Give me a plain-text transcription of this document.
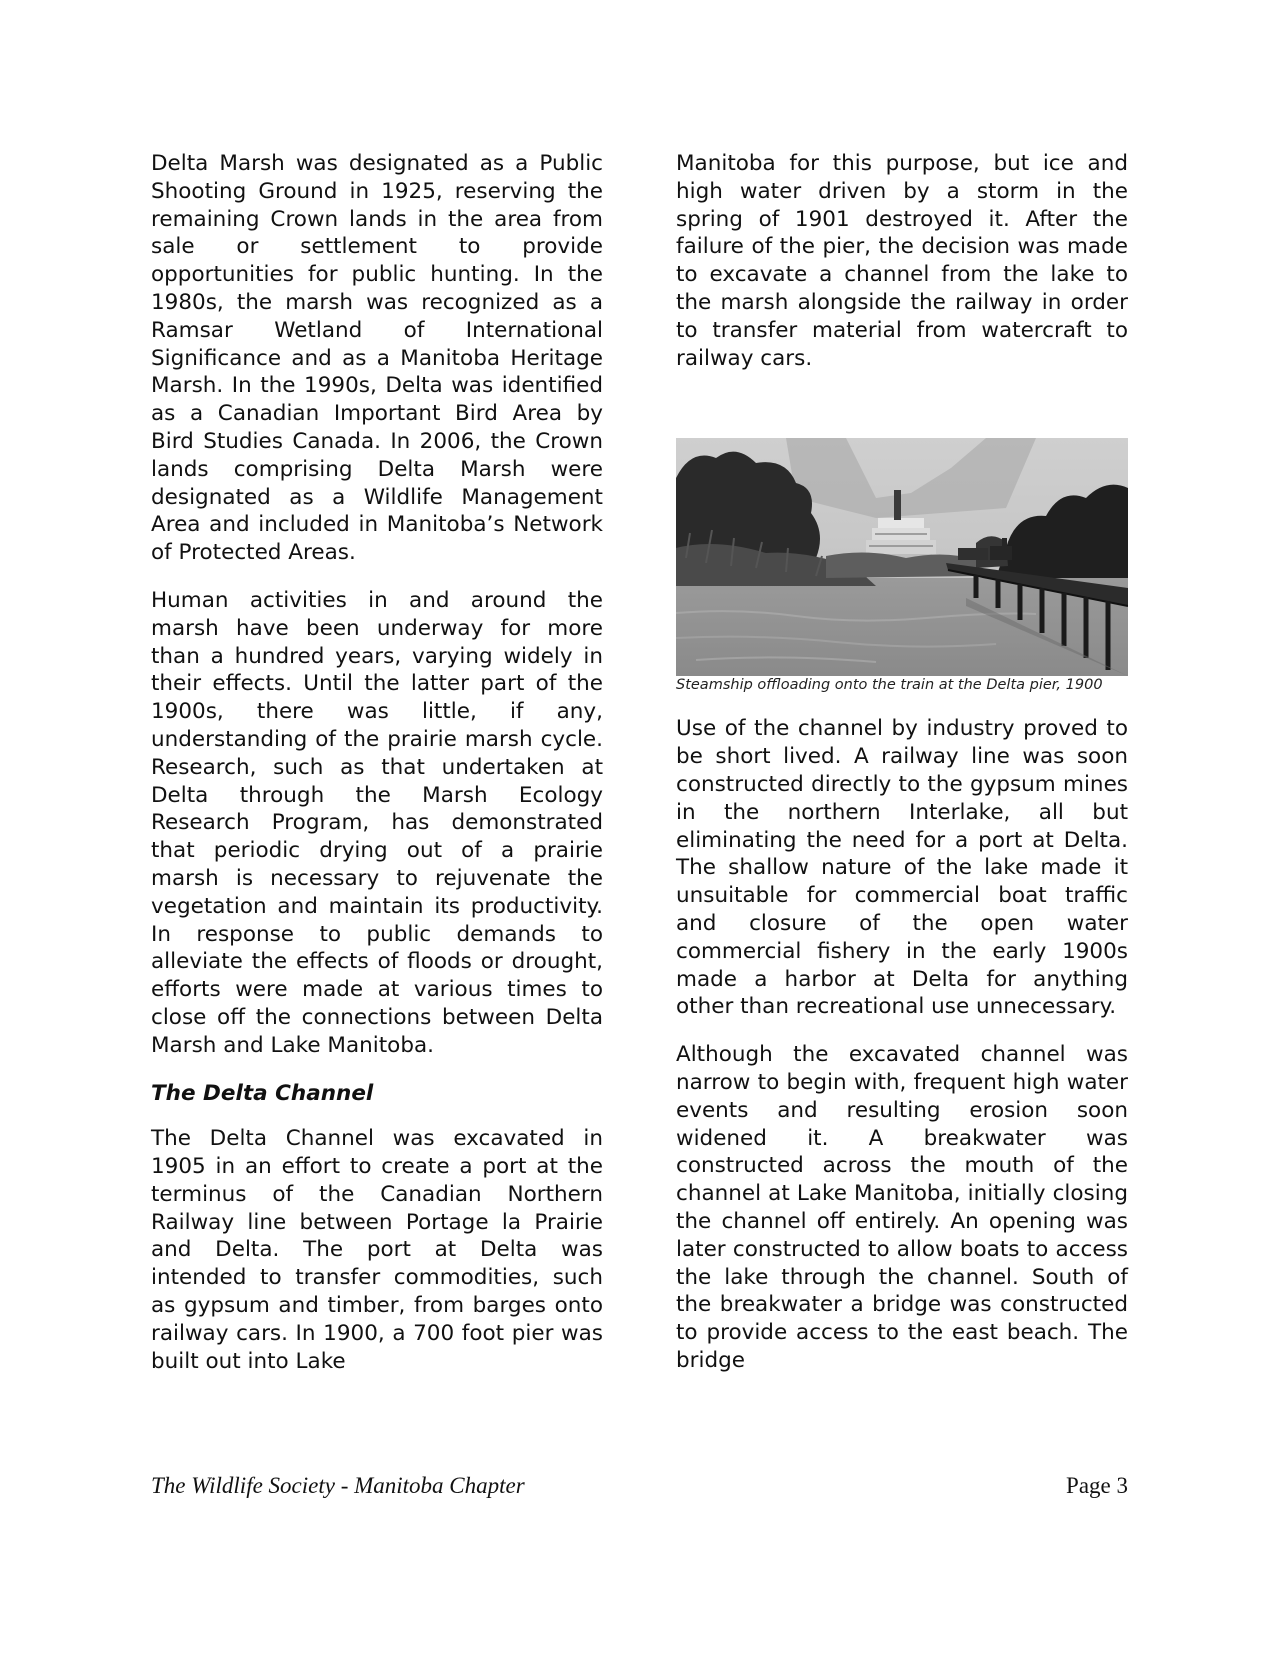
Delta Marsh was designated as a Public Shooting Ground in 1925, reserving the remaining Crown lands in the area from sale or settlement to provide opportunities for public hunting. In the 1980s, the marsh was recognized as a Ramsar Wetland of International Significance and as a Manitoba Heritage Marsh. In the 1990s, Delta was identified as a Canadian Important Bird Area by Bird Studies Canada. In 2006, the Crown lands comprising Delta Marsh were designated as a Wildlife Management Area and included in Manitoba’s Network of Protected Areas.

Human activities in and around the marsh have been underway for more than a hundred years, varying widely in their effects. Until the latter part of the 1900s, there was little, if any, understanding of the prairie marsh cycle. Research, such as that undertaken at Delta through the Marsh Ecology Research Program, has demonstrated that periodic drying out of a prairie marsh is necessary to rejuvenate the vegetation and maintain its productivity. In response to public demands to alleviate the effects of floods or drought, efforts were made at various times to close off the connections between Delta Marsh and Lake Manitoba.

The Delta Channel

The Delta Channel was excavated in 1905 in an effort to create a port at the terminus of the Canadian Northern Railway line between Portage la Prairie and Delta. The port at Delta was intended to transfer commodities, such as gypsum and timber, from barges onto railway cars. In 1900, a 700 foot pier was built out into Lake

Manitoba for this purpose, but ice and high water driven by a storm in the spring of 1901 destroyed it. After the failure of the pier, the decision was made to excavate a channel from the lake to the marsh alongside the railway in order to transfer material from watercraft to railway cars.

Steamship offloading onto the train at the Delta pier, 1900

Use of the channel by industry proved to be short lived. A railway line was soon constructed directly to the gypsum mines in the northern Interlake, all but eliminating the need for a port at Delta. The shallow nature of the lake made it unsuitable for commercial boat traffic and closure of the open water commercial fishery in the early 1900s made a harbor at Delta for anything other than recreational use unnecessary.

Although the excavated channel was narrow to begin with, frequent high water events and resulting erosion soon widened it. A breakwater was constructed across the mouth of the channel at Lake Manitoba, initially closing the channel off entirely. An opening was later constructed to allow boats to access the lake through the channel. South of the breakwater a bridge was constructed to provide access to the east beach. The bridge

The Wildlife Society - Manitoba Chapter	Page 3
